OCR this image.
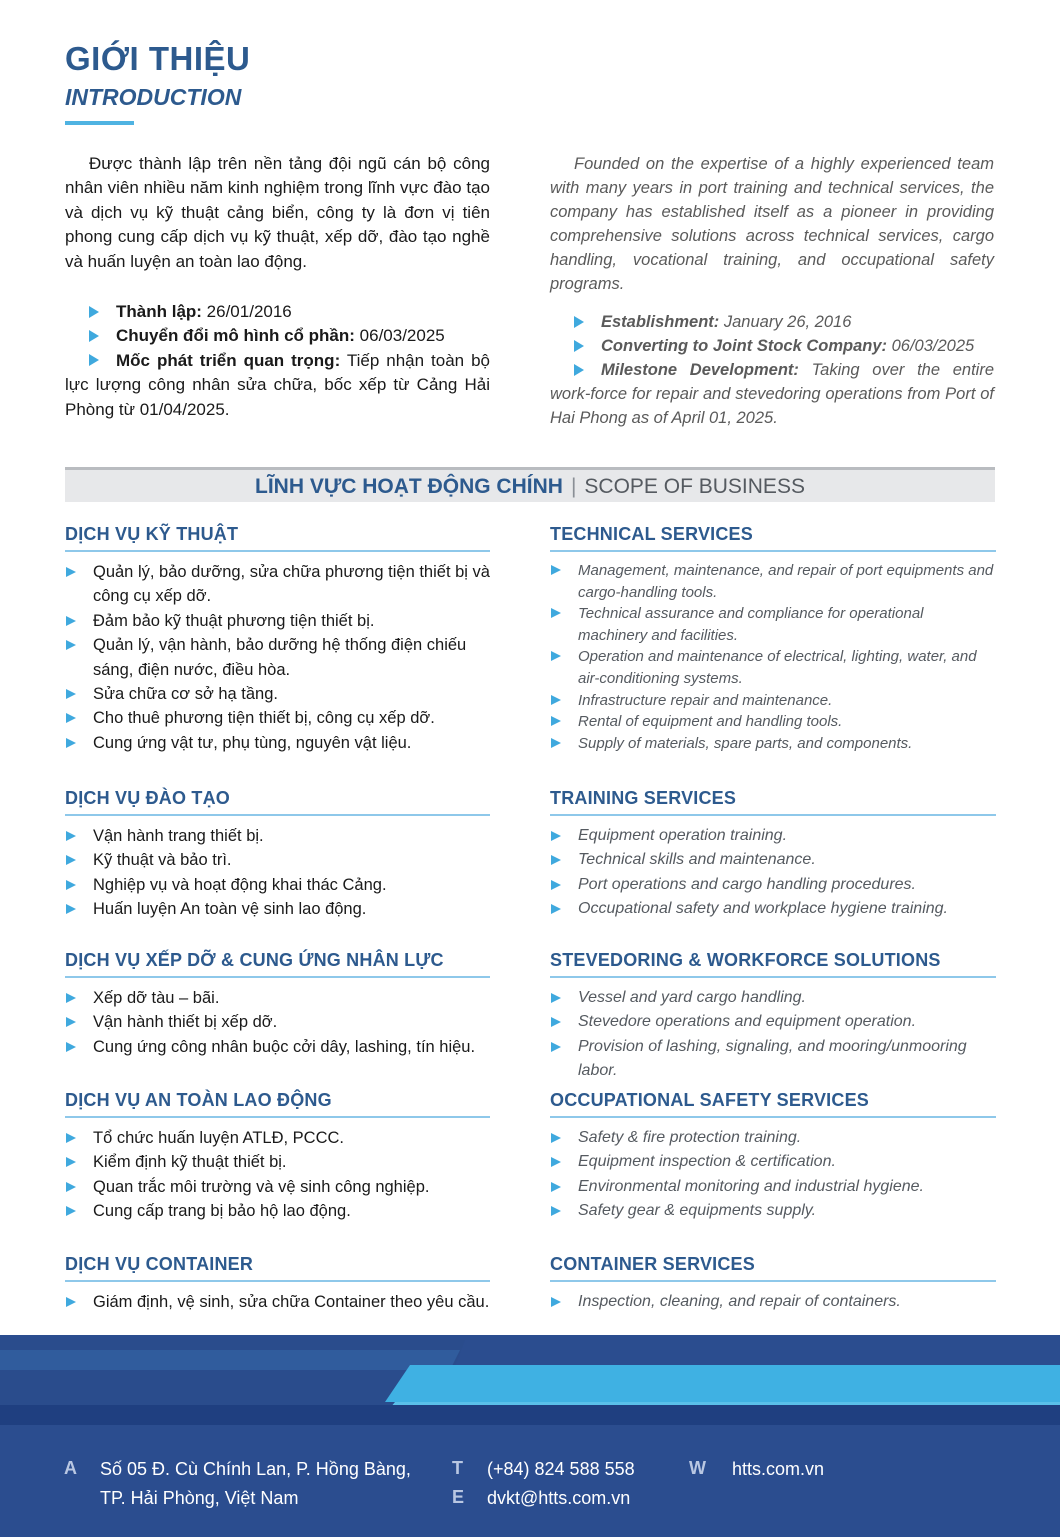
GIỚI THIỆU
INTRODUCTION

Được thành lập trên nền tảng đội ngũ cán bộ công nhân viên nhiều năm kinh nghiệm trong lĩnh vực đào tạo và dịch vụ kỹ thuật cảng biển, công ty là đơn vị tiên phong cung cấp dịch vụ kỹ thuật, xếp dỡ, đào tạo nghề và huấn luyện an toàn lao động.

Thành lập: 26/01/2016

Chuyển đổi mô hình cổ phần: 06/03/2025

Mốc phát triển quan trọng: Tiếp nhận toàn bộ lực lượng công nhân sửa chữa, bốc xếp từ Cảng Hải Phòng từ 01/04/2025.

Founded on the expertise of a highly experienced team with many years in port training and technical services, the company has established itself as a pioneer in providing comprehensive solutions across technical services, cargo handling, vocational training, and occupational safety programs.

Establishment: January 26, 2016

Converting to Joint Stock Company: 06/03/2025

Milestone Development: Taking over the entire work-force for repair and stevedoring operations from Port of Hai Phong as of April 01, 2025.

LĨNH VỰC HOẠT ĐỘNG CHÍNH | SCOPE OF BUSINESS
DỊCH VỤ KỸ THUẬT
Quản lý, bảo dưỡng, sửa chữa phương tiện thiết bị và công cụ xếp dỡ.
Đảm bảo kỹ thuật phương tiện thiết bị.
Quản lý, vận hành, bảo dưỡng hệ thống điện chiếu sáng, điện nước, điều hòa.
Sửa chữa cơ sở hạ tầng.
Cho thuê phương tiện thiết bị, công cụ xếp dỡ.
Cung ứng vật tư, phụ tùng, nguyên vật liệu.
TECHNICAL SERVICES
Management, maintenance, and repair of port equipments and cargo-handling tools.
Technical assurance and compliance for operational machinery and facilities.
Operation and maintenance of electrical, lighting, water, and air-conditioning systems.
Infrastructure repair and maintenance.
Rental of equipment and handling tools.
Supply of materials, spare parts, and components.
DỊCH VỤ ĐÀO TẠO
Vận hành trang thiết bị.
Kỹ thuật và bảo trì.
Nghiệp vụ và hoạt động khai thác Cảng.
Huấn luyện An toàn vệ sinh lao động.
TRAINING SERVICES
Equipment operation training.
Technical skills and maintenance.
Port operations and cargo handling procedures.
Occupational safety and workplace hygiene training.
DỊCH VỤ XẾP DỠ & CUNG ỨNG NHÂN LỰC
Xếp dỡ tàu – bãi.
Vận hành thiết bị xếp dỡ.
Cung ứng công nhân buộc cởi dây, lashing, tín hiệu.
STEVEDORING & WORKFORCE SOLUTIONS
Vessel and yard cargo handling.
Stevedore operations and equipment operation.
Provision of lashing, signaling, and mooring/unmooring labor.
DỊCH VỤ AN TOÀN LAO ĐỘNG
Tổ chức huấn luyện ATLĐ, PCCC.
Kiểm định kỹ thuật thiết bị.
Quan trắc môi trường và vệ sinh công nghiệp.
Cung cấp trang bị bảo hộ lao động.
OCCUPATIONAL SAFETY SERVICES
Safety & fire protection training.
Equipment inspection & certification.
Environmental monitoring and industrial hygiene.
Safety gear & equipments supply.
DỊCH VỤ CONTAINER
Giám định, vệ sinh, sửa chữa Container theo yêu cầu.
CONTAINER SERVICES
Inspection, cleaning, and repair of containers.
A Số 05 Đ. Cù Chính Lan, P. Hồng Bàng,
TP. Hải Phòng, Việt Nam
T
E
(+84) 824 588 558
dvkt@htts.com.vn
W htts.com.vn
